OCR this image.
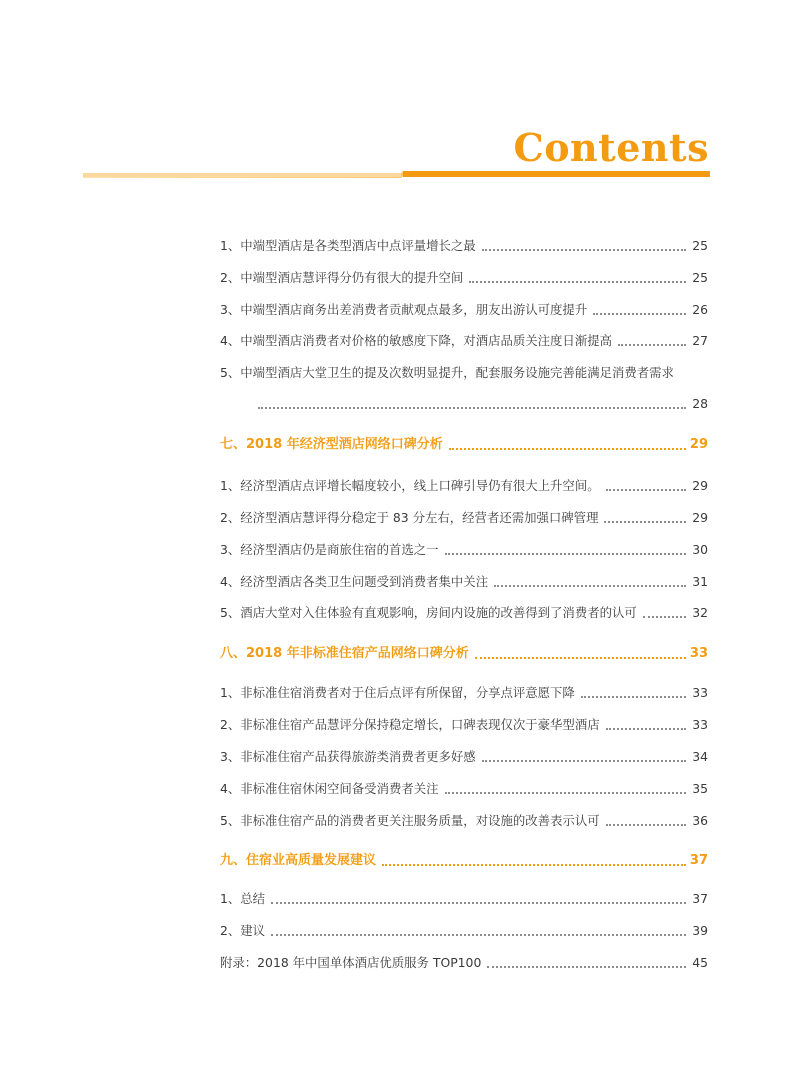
Contents
1、中端型酒店是各类型酒店中点评量增长之最	25
2、中端型酒店慧评得分仍有很大的提升空间	25
3、中端型酒店商务出差消费者贡献观点最多，朋友出游认可度提升	26
4、中端型酒店消费者对价格的敏感度下降，对酒店品质关注度日渐提高	27
5、中端型酒店大堂卫生的提及次数明显提升，配套服务设施完善能满足消费者需求
28
七、2018 年经济型酒店网络口碑分析	29
1、经济型酒店点评增长幅度较小，线上口碑引导仍有很大上升空间。	29
2、经济型酒店慧评得分稳定于 83 分左右，经营者还需加强口碑管理	29
3、经济型酒店仍是商旅住宿的首选之一	30
4、经济型酒店各类卫生问题受到消费者集中关注	31
5、酒店大堂对入住体验有直观影响，房间内设施的改善得到了消费者的认可	32
八、2018 年非标准住宿产品网络口碑分析	33
1、非标准住宿消费者对于住后点评有所保留，分享点评意愿下降	33
2、非标准住宿产品慧评分保持稳定增长，口碑表现仅次于豪华型酒店	33
3、非标准住宿产品获得旅游类消费者更多好感	34
4、非标准住宿休闲空间备受消费者关注	35
5、非标准住宿产品的消费者更关注服务质量，对设施的改善表示认可	36
九、住宿业高质量发展建议	37
1、总结	37
2、建议	39
附录：2018 年中国单体酒店优质服务 TOP100	45
